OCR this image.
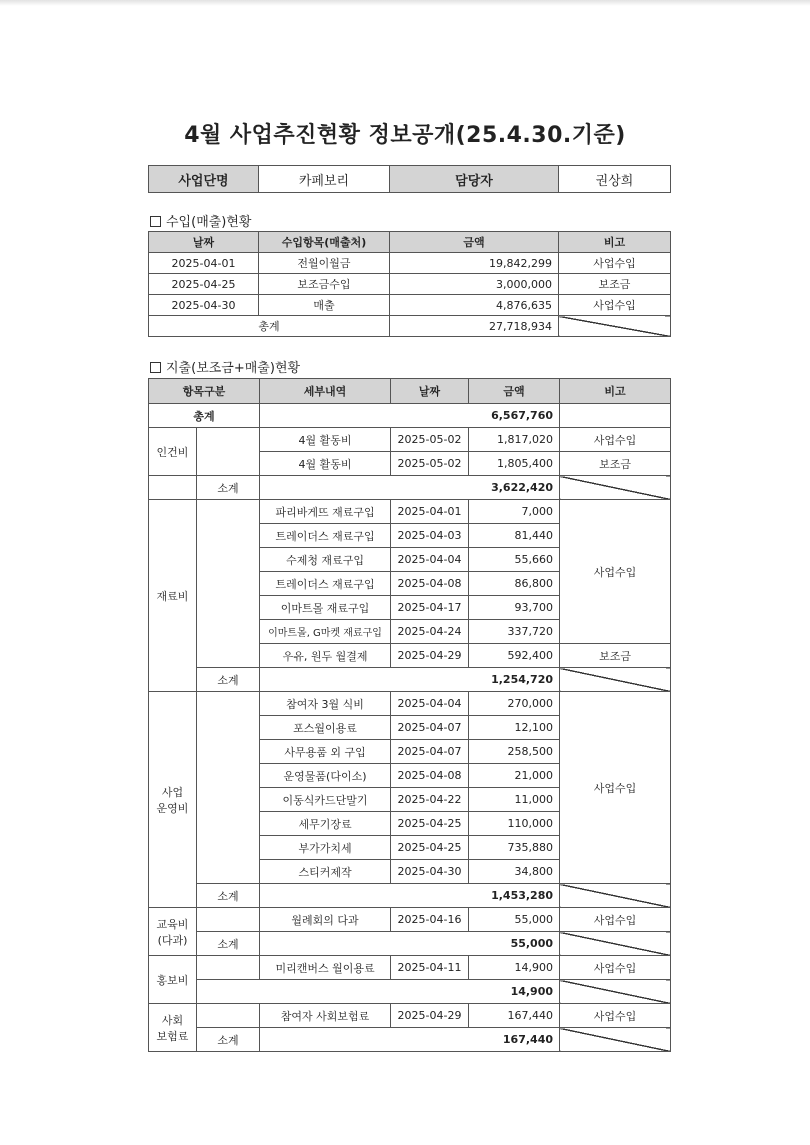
4월 사업추진현황 정보공개(25.4.30.기준)
사업단명	카페보리	담당자	권상희
수입(매출)현황
날짜	수입항목(매출처)	금액	비고
2025-04-01	전월이월금	19,842,299	사업수입
2025-04-25	보조금수입	3,000,000	보조금
2025-04-30	매출	4,876,635	사업수입
총계		27,718,934	
지출(보조금+매출)현황
항목구분		세부내역	날짜	금액	비고
총계		6,567,760			
인건비		4월 활동비	2025-05-02	1,817,020	사업수입
		4월 활동비	2025-05-02	1,805,400	보조금
	소계	3,622,420			
재료비		파리바게뜨 재료구입	2025-04-01	7,000	사업수입
		트레이더스 재료구입	2025-04-03	81,440	
		수제청 재료구입	2025-04-04	55,660	
		트레이더스 재료구입	2025-04-08	86,800	
		이마트몰 재료구입	2025-04-17	93,700	
		이마트몰, G마켓 재료구입	2025-04-24	337,720	
		우유, 원두 월결제	2025-04-29	592,400	보조금
	소계	1,254,720			
사업
운영비		참여자 3월 식비	2025-04-04	270,000	사업수입
		포스월이용료	2025-04-07	12,100	
		사무용품 외 구입	2025-04-07	258,500	
		운영물품(다이소)	2025-04-08	21,000	
		이동식카드단말기	2025-04-22	11,000	
		세무기장료	2025-04-25	110,000	
		부가가치세	2025-04-25	735,880	
		스티커제작	2025-04-30	34,800	
	소계	1,453,280			
교육비
(다과)		월례회의 다과	2025-04-16	55,000	사업수입
	소계	55,000			
홍보비		미리캔버스 월이용료	2025-04-11	14,900	사업수입
	14,900				
사회
보험료		참여자 사회보험료	2025-04-29	167,440	사업수입
	소계	167,440			
